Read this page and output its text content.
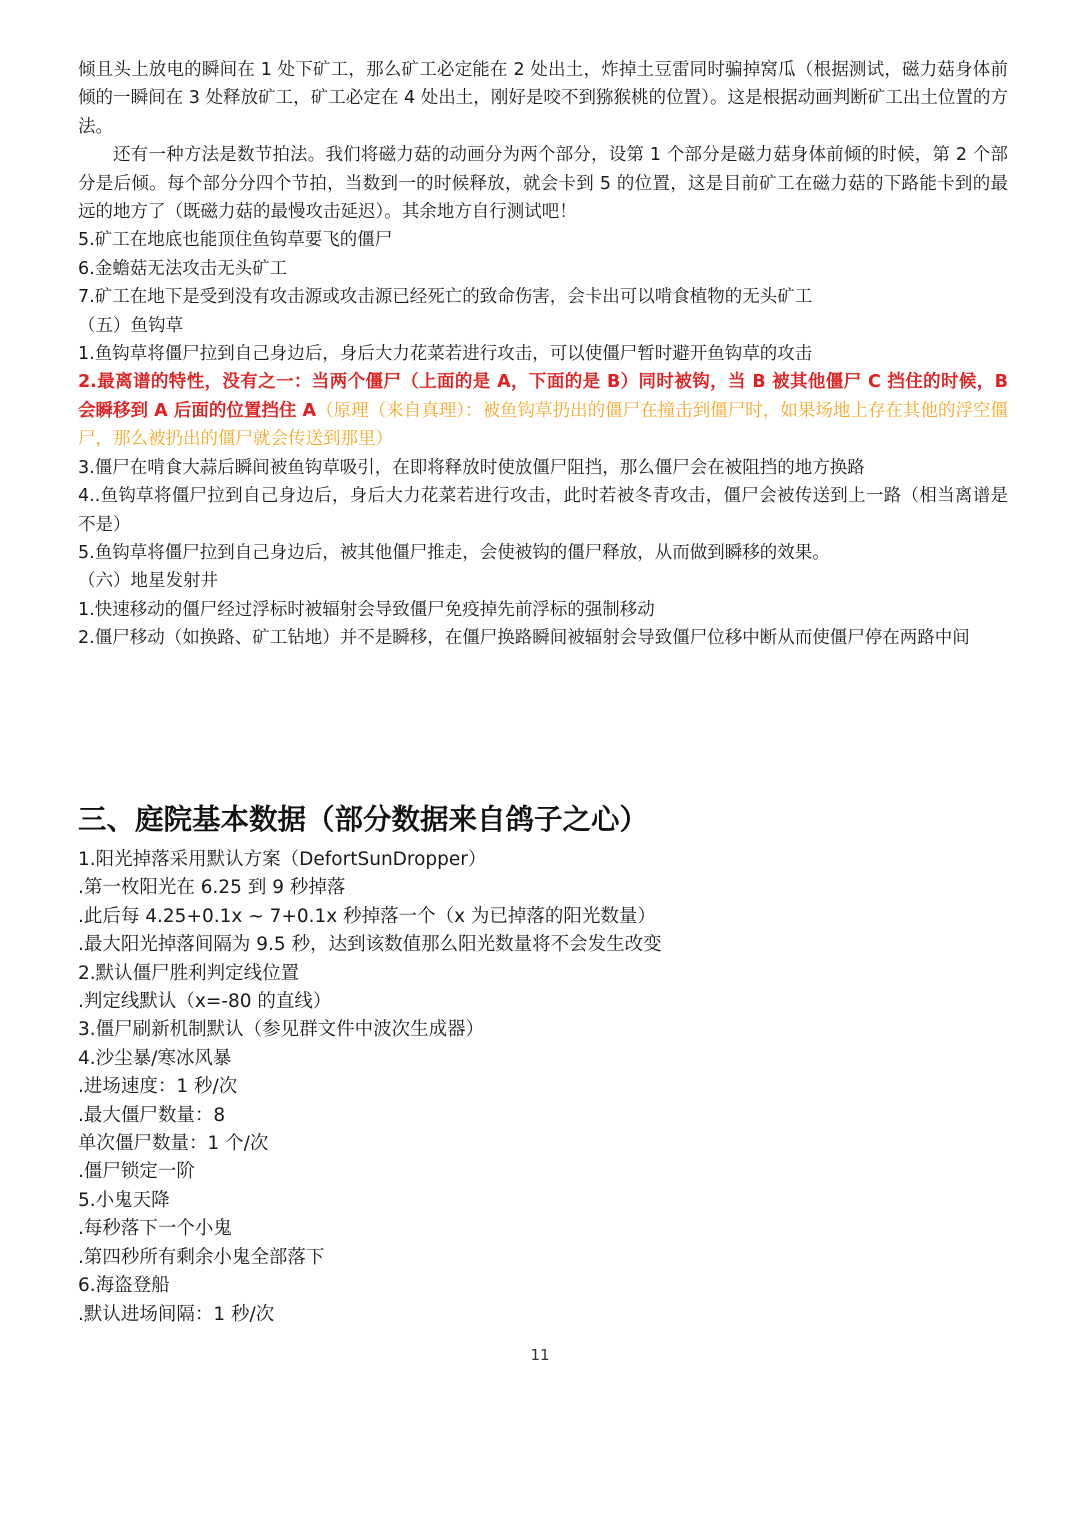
倾且头上放电的瞬间在 1 处下矿工，那么矿工必定能在 2 处出土，炸掉土豆雷同时骗掉窝瓜（根据测试，磁力菇身体前倾的一瞬间在 3 处释放矿工，矿工必定在 4 处出土，刚好是咬不到猕猴桃的位置）。这是根据动画判断矿工出土位置的方法。

还有一种方法是数节拍法。我们将磁力菇的动画分为两个部分，设第 1 个部分是磁力菇身体前倾的时候，第 2 个部分是后倾。每个部分分四个节拍，当数到一的时候释放，就会卡到 5 的位置，这是目前矿工在磁力菇的下路能卡到的最远的地方了（既磁力菇的最慢攻击延迟）。其余地方自行测试吧！

5.矿工在地底也能顶住鱼钩草要飞的僵尸

6.金蟾菇无法攻击无头矿工

7.矿工在地下是受到没有攻击源或攻击源已经死亡的致命伤害，会卡出可以啃食植物的无头矿工

（五）鱼钩草

1.鱼钩草将僵尸拉到自己身边后，身后大力花菜若进行攻击，可以使僵尸暂时避开鱼钩草的攻击

2.最离谱的特性，没有之一：当两个僵尸（上面的是 A，下面的是 B）同时被钩，当 B 被其他僵尸 C 挡住的时候，B 会瞬移到 A 后面的位置挡住 A（原理（来自真理）：被鱼钩草扔出的僵尸在撞击到僵尸时，如果场地上存在其他的浮空僵尸，那么被扔出的僵尸就会传送到那里）

3.僵尸在啃食大蒜后瞬间被鱼钩草吸引，在即将释放时使放僵尸阻挡，那么僵尸会在被阻挡的地方换路

4..鱼钩草将僵尸拉到自己身边后，身后大力花菜若进行攻击，此时若被冬青攻击，僵尸会被传送到上一路（相当离谱是不是）

5.鱼钩草将僵尸拉到自己身边后，被其他僵尸推走，会使被钩的僵尸释放，从而做到瞬移的效果。

（六）地星发射井

1.快速移动的僵尸经过浮标时被辐射会导致僵尸免疫掉先前浮标的强制移动

2.僵尸移动（如换路、矿工钻地）并不是瞬移，在僵尸换路瞬间被辐射会导致僵尸位移中断从而使僵尸停在两路中间

三、庭院基本数据（部分数据来自鸽子之心）

1.阳光掉落采用默认方案（DefortSunDropper）

.第一枚阳光在 6.25 到 9 秒掉落

.此后每 4.25+0.1x ~ 7+0.1x 秒掉落一个（x 为已掉落的阳光数量）

.最大阳光掉落间隔为 9.5 秒，达到该数值那么阳光数量将不会发生改变

2.默认僵尸胜利判定线位置

.判定线默认（x=-80 的直线）

3.僵尸刷新机制默认（参见群文件中波次生成器）

4.沙尘暴/寒冰风暴

.进场速度：1 秒/次

.最大僵尸数量：8

单次僵尸数量：1 个/次

.僵尸锁定一阶

5.小鬼天降

.每秒落下一个小鬼

.第四秒所有剩余小鬼全部落下

6.海盗登船

.默认进场间隔：1 秒/次

11
